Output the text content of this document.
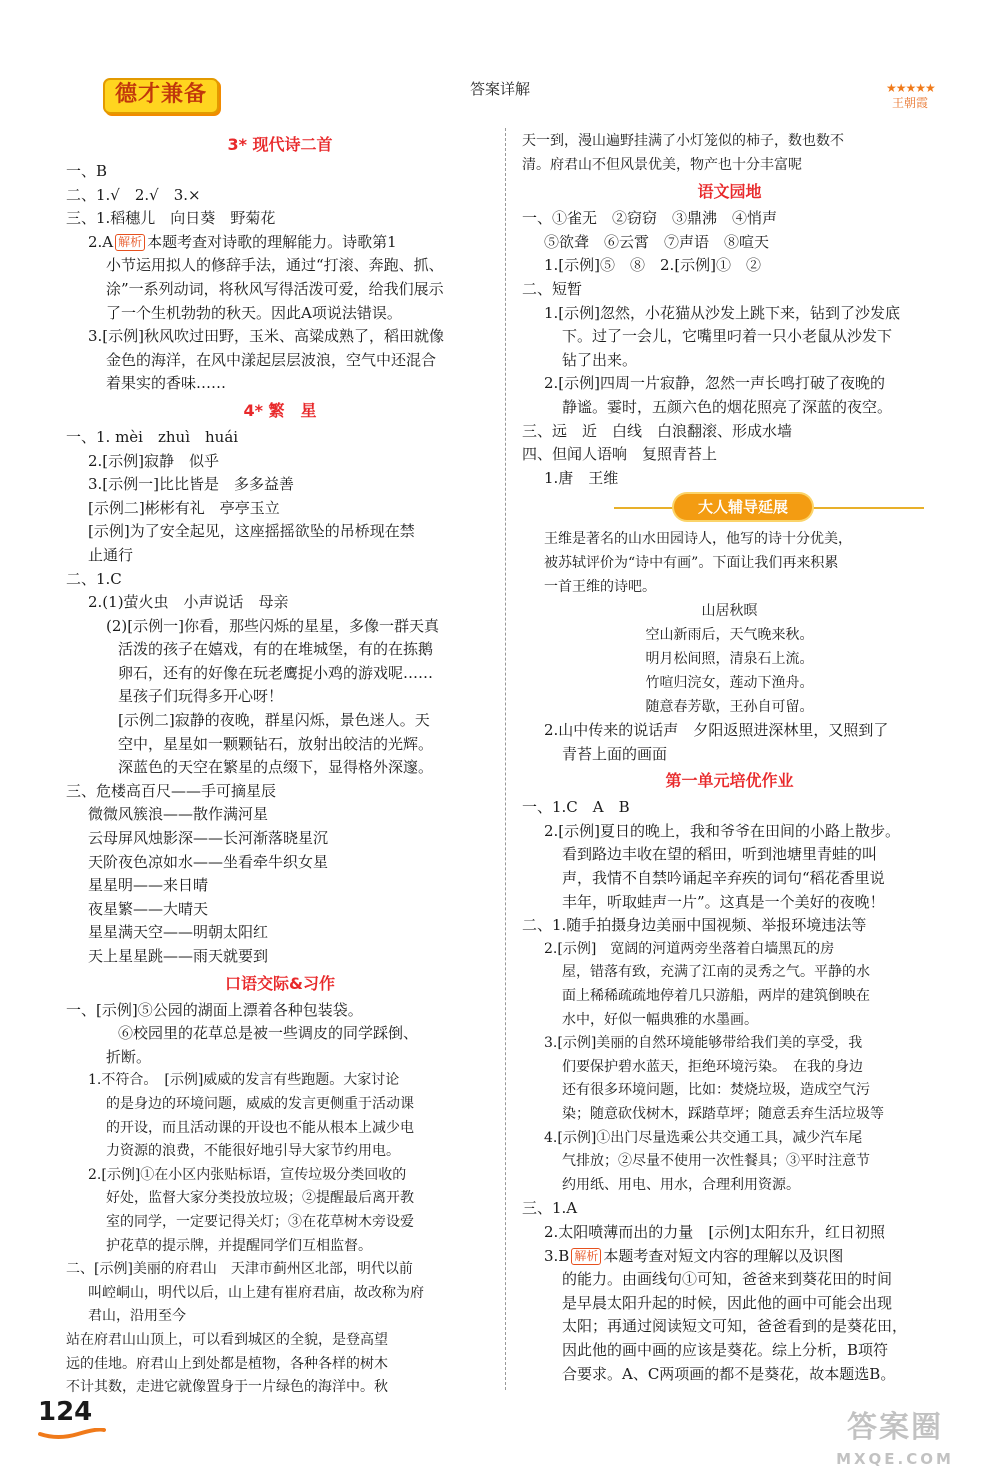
德才兼备	答案详解	★★★★★
王朝霞
3* 现代诗二首
一、B
二、1.√　2.√　3.×
三、1.稻穗儿　向日葵　野菊花
2.A 解析 本题考查对诗歌的理解能力。诗歌第1
小节运用拟人的修辞手法，通过“打滚、奔跑、抓、
涂”一系列动词，将秋风写得活泼可爱，给我们展示
了一个生机勃勃的秋天。因此A项说法错误。
3.[示例]秋风吹过田野，玉米、高粱成熟了，稻田就像
金色的海洋，在风中漾起层层波浪，空气中还混合
着果实的香味……
4* 繁　星
一、1. mèi　zhuì　huái
2.[示例]寂静　似乎
3.[示例一]比比皆是　多多益善
[示例二]彬彬有礼　亭亭玉立
[示例]为了安全起见，这座摇摇欲坠的吊桥现在禁
止通行
二、1.C
2.(1)萤火虫　小声说话　母亲
(2)[示例一]你看，那些闪烁的星星，多像一群天真
活泼的孩子在嬉戏，有的在堆城堡，有的在拣鹅
卵石，还有的好像在玩老鹰捉小鸡的游戏呢……
星孩子们玩得多开心呀！
[示例二]寂静的夜晚，群星闪烁，景色迷人。天
空中，星星如一颗颗钻石，放射出皎洁的光辉。
深蓝色的天空在繁星的点缀下，显得格外深邃。
三、危楼高百尺——手可摘星辰
微微风簇浪——散作满河星
云母屏风烛影深——长河渐落晓星沉
天阶夜色凉如水——坐看牵牛织女星
星星明——来日晴
夜星繁——大晴天
星星满天空——明朝太阳红
天上星星跳——雨天就要到
口语交际&习作
一、[示例]⑤公园的湖面上漂着各种包装袋。
⑥校园里的花草总是被一些调皮的同学踩倒、
折断。
1.不符合。　[示例]威威的发言有些跑题。大家讨论
的是身边的环境问题，威威的发言更侧重于活动课
的开设，而且活动课的开设也不能从根本上减少电
力资源的浪费，不能很好地引导大家节约用电。
2.[示例]①在小区内张贴标语，宣传垃圾分类回收的
好处，监督大家分类投放垃圾；②提醒最后离开教
室的同学，一定要记得关灯；③在花草树木旁设爱
护花草的提示牌，并提醒同学们互相监督。
二、[示例]美丽的府君山　天津市蓟州区北部，明代以前
叫崆峒山，明代以后，山上建有崔府君庙，故改称为府
君山，沿用至今
站在府君山山顶上，可以看到城区的全貌，是登高望
远的佳地。府君山上到处都是植物，各种各样的树木
不计其数，走进它就像置身于一片绿色的海洋中。秋
天一到，漫山遍野挂满了小灯笼似的柿子，数也数不
清。府君山不但风景优美，物产也十分丰富呢
语文园地
一、①雀无　②窃窃　③鼎沸　④悄声
⑤欲聋　⑥云霄　⑦声语　⑧喧天
1.[示例]⑤　⑧　2.[示例]①　②
二、短暂
1.[示例]忽然，小花猫从沙发上跳下来，钻到了沙发底
下。过了一会儿，它嘴里叼着一只小老鼠从沙发下
钻了出来。
2.[示例]四周一片寂静，忽然一声长鸣打破了夜晚的
静谧。霎时，五颜六色的烟花照亮了深蓝的夜空。
三、远　近　白线　白浪翻滚、形成水墙
四、但闻人语响　复照青苔上
1.唐　王维
大人辅导延展
王维是著名的山水田园诗人，他写的诗十分优美，
被苏轼评价为“诗中有画”。下面让我们再来积累
一首王维的诗吧。
山居秋暝
空山新雨后，天气晚来秋。
明月松间照，清泉石上流。
竹喧归浣女，莲动下渔舟。
随意春芳歇，王孙自可留。
2.山中传来的说话声　夕阳返照进深林里，又照到了
青苔上面的画面
第一单元培优作业
一、1.C　A　B
2.[示例]夏日的晚上，我和爷爷在田间的小路上散步。
看到路边丰收在望的稻田，听到池塘里青蛙的叫
声，我情不自禁吟诵起辛弃疾的词句“稻花香里说
丰年，听取蛙声一片”。这真是一个美好的夜晚！
二、1.随手拍摄身边美丽中国视频、举报环境违法等
2.[示例]　宽阔的河道两旁坐落着白墙黑瓦的房
屋，错落有致，充满了江南的灵秀之气。平静的水
面上稀稀疏疏地停着几只游船，两岸的建筑倒映在
水中，好似一幅典雅的水墨画。
3.[示例]美丽的自然环境能够带给我们美的享受，我
们要保护碧水蓝天，拒绝环境污染。　在我的身边
还有很多环境问题，比如：焚烧垃圾，造成空气污
染；随意砍伐树木，踩踏草坪；随意丢弃生活垃圾等
4.[示例]①出门尽量选乘公共交通工具，减少汽车尾
气排放；②尽量不使用一次性餐具；③平时注意节
约用纸、用电、用水，合理利用资源。
三、1.A
2.太阳喷薄而出的力量　[示例]太阳东升，红日初照
3.B 解析 本题考查对短文内容的理解以及识图
的能力。由画线句①可知，爸爸来到葵花田的时间
是早晨太阳升起的时候，因此他的画中可能会出现
太阳；再通过阅读短文可知，爸爸看到的是葵花田，
因此他的画中画的应该是葵花。综上分析，B项符
合要求。A、C两项画的都不是葵花，故本题选B。
124	答案圈
MXQE.COM
